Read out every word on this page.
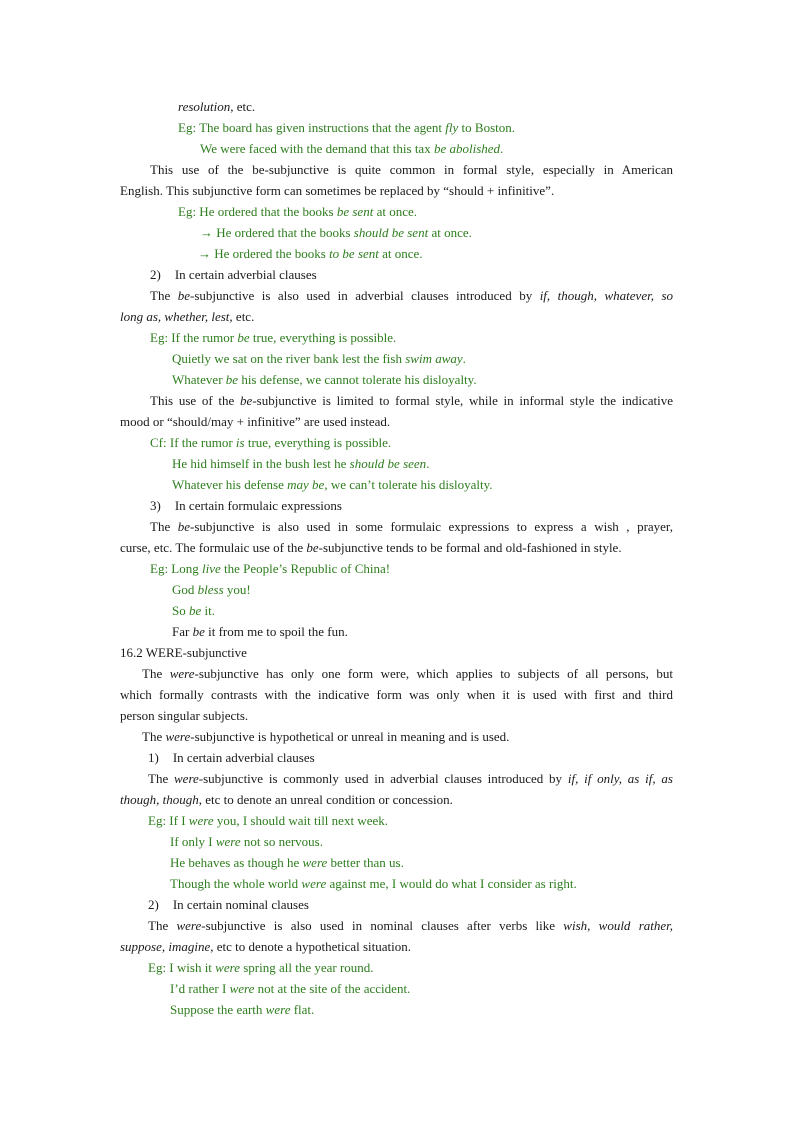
resolution, etc.
Eg: The board has given instructions that the agent fly to Boston.
We were faced with the demand that this tax be abolished.
This use of the be-subjunctive is quite common in formal style, especially in American
English. This subjunctive form can sometimes be replaced by “should + infinitive”.
Eg: He ordered that the books be sent at once.
→ He ordered that the books should be sent at once.
→ He ordered the books to be sent at once.
2) In certain adverbial clauses
The be-subjunctive is also used in adverbial clauses introduced by if, though, whatever, so
long as, whether, lest, etc.
Eg: If the rumor be true, everything is possible.
Quietly we sat on the river bank lest the fish swim away.
Whatever be his defense, we cannot tolerate his disloyalty.
This use of the be-subjunctive is limited to formal style, while in informal style the indicative
mood or “should/may + infinitive” are used instead.
Cf: If the rumor is true, everything is possible.
He hid himself in the bush lest he should be seen.
Whatever his defense may be, we can’t tolerate his disloyalty.
3) In certain formulaic expressions
The be-subjunctive is also used in some formulaic expressions to express a wish , prayer,
curse, etc. The formulaic use of the be-subjunctive tends to be formal and old-fashioned in style.
Eg: Long live the People’s Republic of China!
God bless you!
So be it.
Far be it from me to spoil the fun.
16.2 WERE-subjunctive
The were-subjunctive has only one form were, which applies to subjects of all persons, but
which formally contrasts with the indicative form was only when it is used with first and third
person singular subjects.
The were-subjunctive is hypothetical or unreal in meaning and is used.
1) In certain adverbial clauses
The were-subjunctive is commonly used in adverbial clauses introduced by if, if only, as if, as
though, though, etc to denote an unreal condition or concession.
Eg: If I were you, I should wait till next week.
If only I were not so nervous.
He behaves as though he were better than us.
Though the whole world were against me, I would do what I consider as right.
2) In certain nominal clauses
The were-subjunctive is also used in nominal clauses after verbs like wish, would rather,
suppose, imagine, etc to denote a hypothetical situation.
Eg: I wish it were spring all the year round.
I’d rather I were not at the site of the accident.
Suppose the earth were flat.
